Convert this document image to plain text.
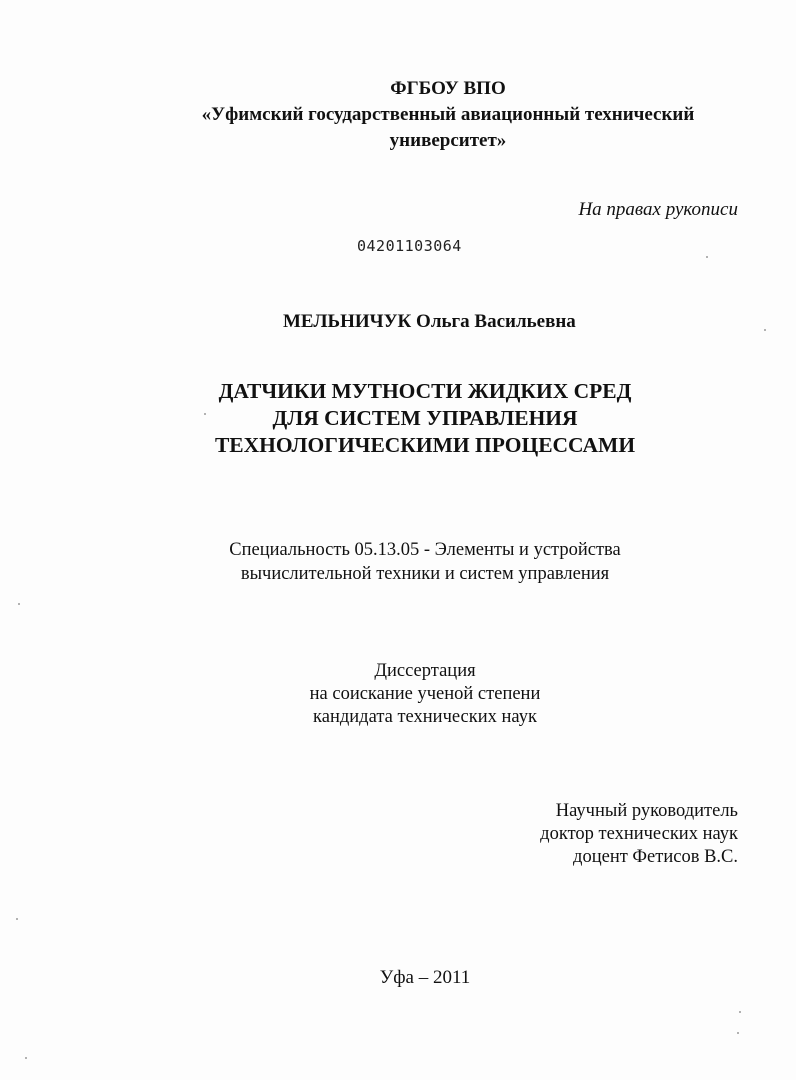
ФГБОУ ВПО
«Уфимский государственный авиационный технический
университет»
На правах рукописи
04201103064
МЕЛЬНИЧУК Ольга Васильевна
ДАТЧИКИ МУТНОСТИ ЖИДКИХ СРЕД
ДЛЯ СИСТЕМ УПРАВЛЕНИЯ
ТЕХНОЛОГИЧЕСКИМИ ПРОЦЕССАМИ
Специальность 05.13.05 - Элементы и устройства
вычислительной техники и систем управления
Диссертация
на соискание ученой степени
кандидата технических наук
Научный руководитель
доктор технических наук
доцент Фетисов В.С.
Уфа – 2011
